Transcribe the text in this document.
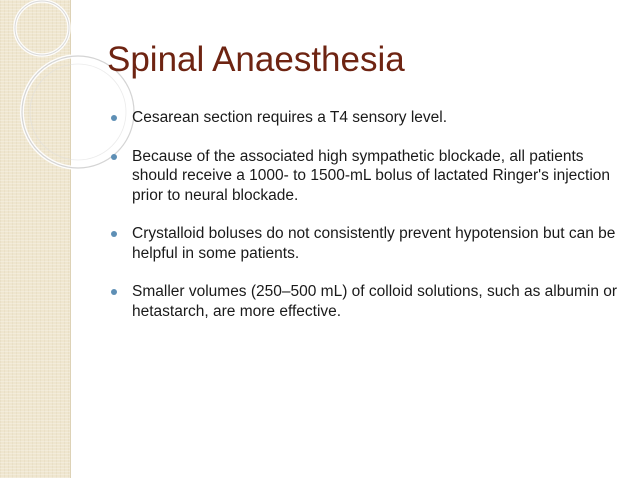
Spinal Anaesthesia
Cesarean section requires a T4 sensory level.
Because of the associated high sympathetic blockade, all patients should receive a 1000- to 1500-mL bolus of lactated Ringer's injection prior to neural blockade.
Crystalloid boluses do not consistently prevent hypotension but can be helpful in some patients.
Smaller volumes (250–500 mL) of colloid solutions, such as albumin or hetastarch, are more effective.
